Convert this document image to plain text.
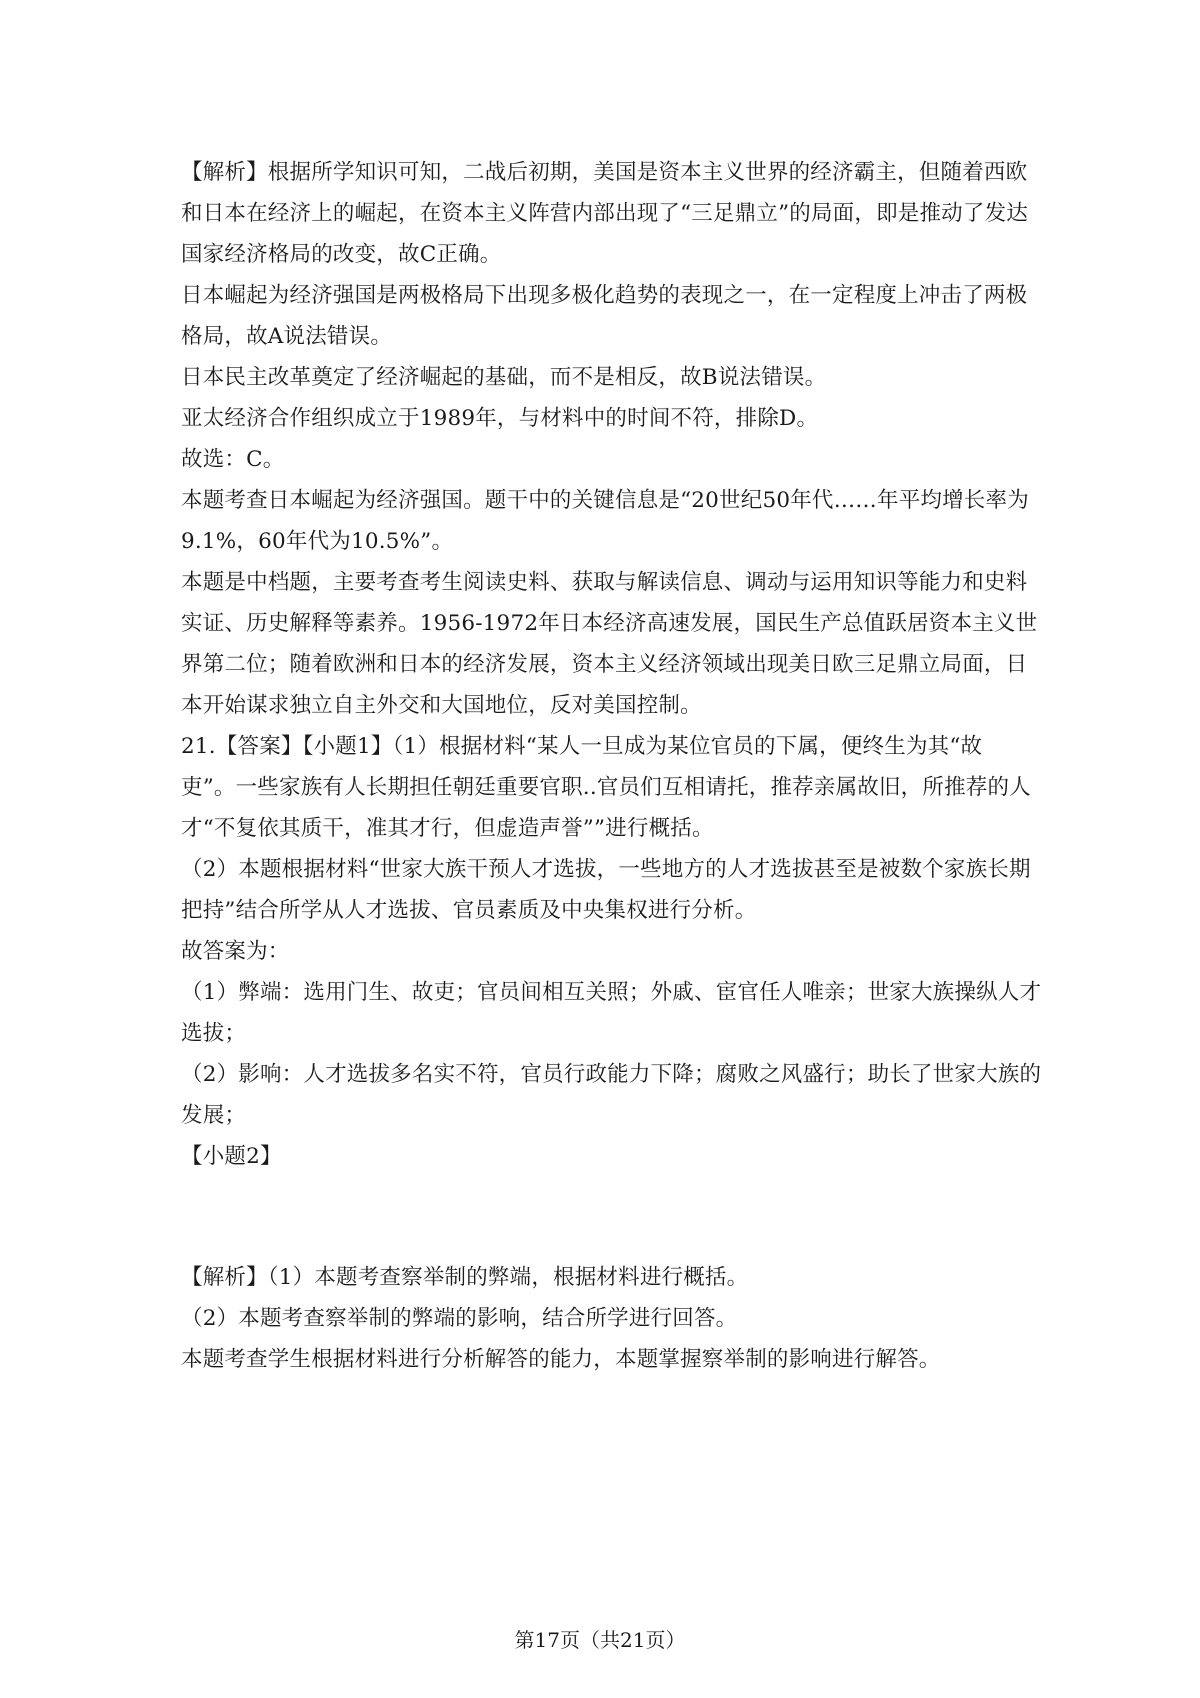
【解析】根据所学知识可知，二战后初期，美国是资本主义世界的经济霸主，但随着西欧
和日本在经济上的崛起，在资本主义阵营内部出现了“三足鼎立”的局面，即是推动了发达
国家经济格局的改变，故C正确。
日本崛起为经济强国是两极格局下出现多极化趋势的表现之一，在一定程度上冲击了两极
格局，故A说法错误。
日本民主改革奠定了经济崛起的基础，而不是相反，故B说法错误。
亚太经济合作组织成立于1989年，与材料中的时间不符，排除D。
故选：C。
本题考查日本崛起为经济强国。题干中的关键信息是“20世纪50年代……年平均增长率为
9.1%，60年代为10.5%”。
本题是中档题，主要考查考生阅读史料、获取与解读信息、调动与运用知识等能力和史料
实证、历史解释等素养。1956-1972年日本经济高速发展，国民生产总值跃居资本主义世
界第二位；随着欧洲和日本的经济发展，资本主义经济领域出现美日欧三足鼎立局面，日
本开始谋求独立自主外交和大国地位，反对美国控制。
21.【答案】【小题1】（1）根据材料“某人一旦成为某位官员的下属，便终生为其“故
吏”。一些家族有人长期担任朝廷重要官职..官员们互相请托，推荐亲属故旧，所推荐的人
才“不复依其质干，准其才行，但虚造声誉””进行概括。
（2）本题根据材料“世家大族干预人才选拔，一些地方的人才选拔甚至是被数个家族长期
把持”结合所学从人才选拔、官员素质及中央集权进行分析。
故答案为：
（1）弊端：选用门生、故吏；官员间相互关照；外戚、宦官任人唯亲；世家大族操纵人才
选拔；
（2）影响：人才选拔多名实不符，官员行政能力下降；腐败之风盛行；助长了世家大族的
发展；
【小题2】
【解析】（1）本题考查察举制的弊端，根据材料进行概括。
（2）本题考查察举制的弊端的影响，结合所学进行回答。
本题考查学生根据材料进行分析解答的能力，本题掌握察举制的影响进行解答。
第17页（共21页）
